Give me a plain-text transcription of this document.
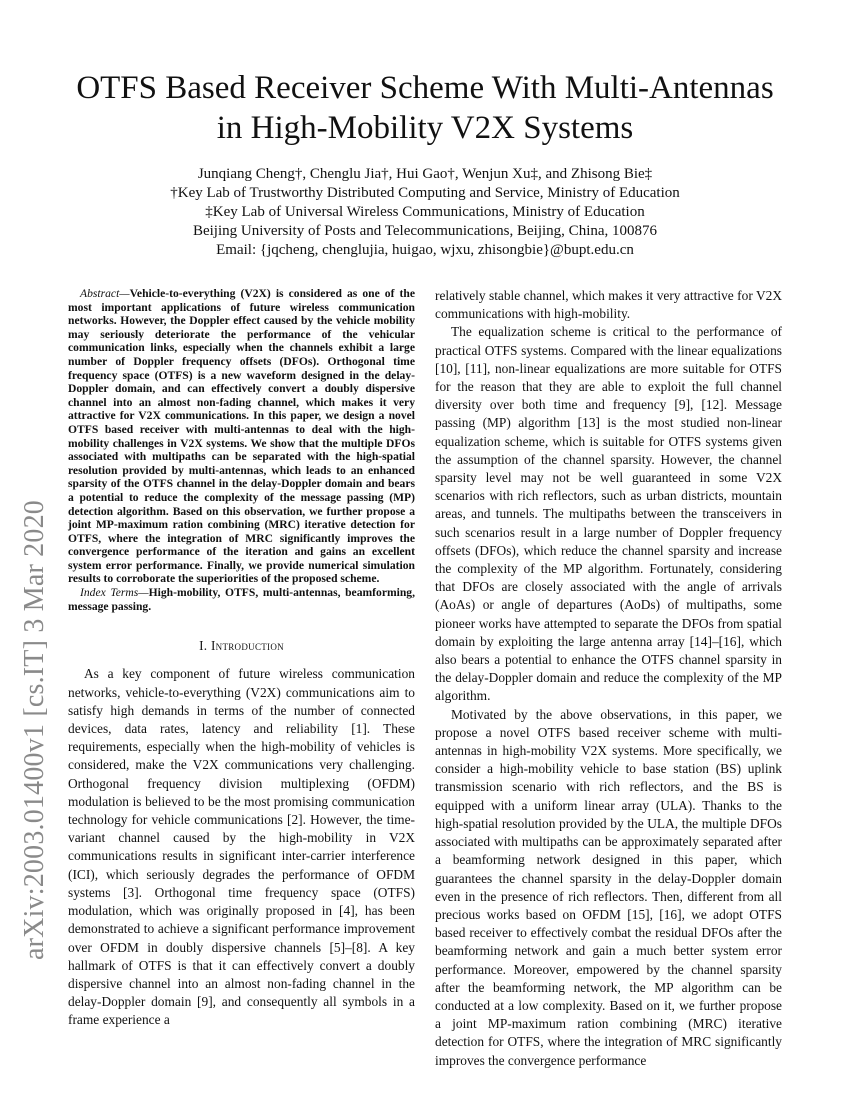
arXiv:2003.01400v1 [cs.IT] 3 Mar 2020
OTFS Based Receiver Scheme With Multi-Antennas
in High-Mobility V2X Systems
Junqiang Cheng†, Chenglu Jia†, Hui Gao†, Wenjun Xu‡, and Zhisong Bie‡
†Key Lab of Trustworthy Distributed Computing and Service, Ministry of Education
‡Key Lab of Universal Wireless Communications, Ministry of Education
Beijing University of Posts and Telecommunications, Beijing, China, 100876
Email: {jqcheng, chenglujia, huigao, wjxu, zhisongbie}@bupt.edu.cn

Abstract—Vehicle-to-everything (V2X) is considered as one of the most important applications of future wireless communication networks. However, the Doppler effect caused by the vehicle mobility may seriously deteriorate the performance of the vehicular communication links, especially when the channels exhibit a large number of Doppler frequency offsets (DFOs). Orthogonal time frequency space (OTFS) is a new waveform designed in the delay-Doppler domain, and can effectively convert a doubly dispersive channel into an almost non-fading channel, which makes it very attractive for V2X communications. In this paper, we design a novel OTFS based receiver with multi-antennas to deal with the high-mobility challenges in V2X systems. We show that the multiple DFOs associated with multipaths can be separated with the high-spatial resolution provided by multi-antennas, which leads to an enhanced sparsity of the OTFS channel in the delay-Doppler domain and bears a potential to reduce the complexity of the message passing (MP) detection algorithm. Based on this observation, we further propose a joint MP-maximum ration combining (MRC) iterative detection for OTFS, where the integration of MRC significantly improves the convergence performance of the iteration and gains an excellent system error performance. Finally, we provide numerical simulation results to corroborate the superiorities of the proposed scheme.

Index Terms—High-mobility, OTFS, multi-antennas, beamforming, message passing.

I. Introduction

As a key component of future wireless communication networks, vehicle-to-everything (V2X) communications aim to satisfy high demands in terms of the number of connected devices, data rates, latency and reliability [1]. These requirements, especially when the high-mobility of vehicles is considered, make the V2X communications very challenging. Orthogonal frequency division multiplexing (OFDM) modulation is believed to be the most promising communication technology for vehicle communications [2]. However, the time-variant channel caused by the high-mobility in V2X communications results in significant inter-carrier interference (ICI), which seriously degrades the performance of OFDM systems [3]. Orthogonal time frequency space (OTFS) modulation, which was originally proposed in [4], has been demonstrated to achieve a significant performance improvement over OFDM in doubly dispersive channels [5]–[8]. A key hallmark of OTFS is that it can effectively convert a doubly dispersive channel into an almost non-fading channel in the delay-Doppler domain [9], and consequently all symbols in a frame experience a

relatively stable channel, which makes it very attractive for V2X communications with high-mobility.

The equalization scheme is critical to the performance of practical OTFS systems. Compared with the linear equalizations [10], [11], non-linear equalizations are more suitable for OTFS for the reason that they are able to exploit the full channel diversity over both time and frequency [9], [12]. Message passing (MP) algorithm [13] is the most studied non-linear equalization scheme, which is suitable for OTFS systems given the assumption of the channel sparsity. However, the channel sparsity level may not be well guaranteed in some V2X scenarios with rich reflectors, such as urban districts, mountain areas, and tunnels. The multipaths between the transceivers in such scenarios result in a large number of Doppler frequency offsets (DFOs), which reduce the channel sparsity and increase the complexity of the MP algorithm. Fortunately, considering that DFOs are closely associated with the angle of arrivals (AoAs) or angle of departures (AoDs) of multipaths, some pioneer works have attempted to separate the DFOs from spatial domain by exploiting the large antenna array [14]–[16], which also bears a potential to enhance the OTFS channel sparsity in the delay-Doppler domain and reduce the complexity of the MP algorithm.

Motivated by the above observations, in this paper, we propose a novel OTFS based receiver scheme with multi-antennas in high-mobility V2X systems. More specifically, we consider a high-mobility vehicle to base station (BS) uplink transmission scenario with rich reflectors, and the BS is equipped with a uniform linear array (ULA). Thanks to the high-spatial resolution provided by the ULA, the multiple DFOs associated with multipaths can be approximately separated after a beamforming network designed in this paper, which guarantees the channel sparsity in the delay-Doppler domain even in the presence of rich reflectors. Then, different from all precious works based on OFDM [15], [16], we adopt OTFS based receiver to effectively combat the residual DFOs after the beamforming network and gain a much better system error performance. Moreover, empowered by the channel sparsity after the beamforming network, the MP algorithm can be conducted at a low complexity. Based on it, we further propose a joint MP-maximum ration combining (MRC) iterative detection for OTFS, where the integration of MRC significantly improves the convergence performance
